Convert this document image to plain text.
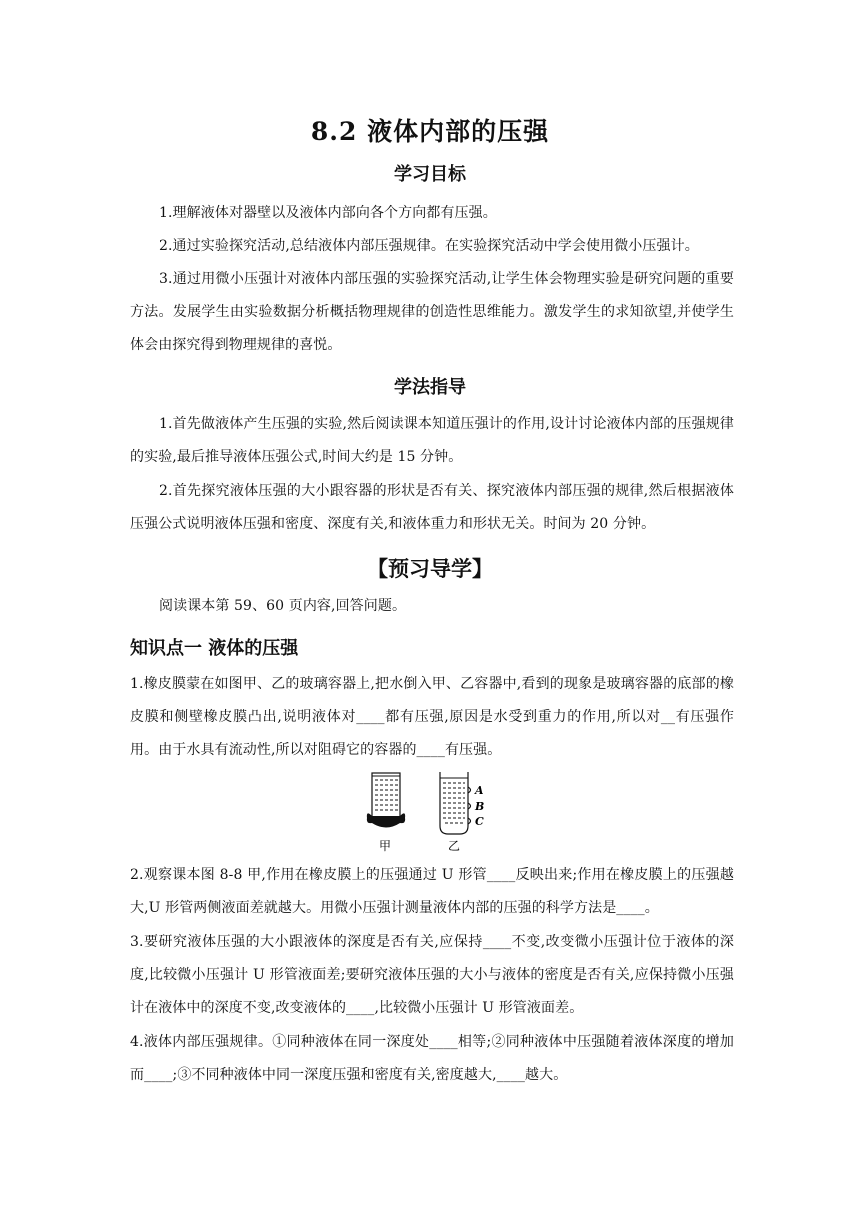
8.2 液体内部的压强
学习目标

1.理解液体对器壁以及液体内部向各个方向都有压强。

2.通过实验探究活动,总结液体内部压强规律。在实验探究活动中学会使用微小压强计。

3.通过用微小压强计对液体内部压强的实验探究活动,让学生体会物理实验是研究问题的重要方法。发展学生由实验数据分析概括物理规律的创造性思维能力。激发学生的求知欲望,并使学生体会由探究得到物理规律的喜悦。

学法指导

1.首先做液体产生压强的实验,然后阅读课本知道压强计的作用,设计讨论液体内部的压强规律的实验,最后推导液体压强公式,时间大约是 15 分钟。

2.首先探究液体压强的大小跟容器的形状是否有关、探究液体内部压强的规律,然后根据液体压强公式说明液体压强和密度、深度有关,和液体重力和形状无关。时间为 20 分钟。

【预习导学】

阅读课本第 59、60 页内容,回答问题。

知识点一 液体的压强

1.橡皮膜蒙在如图甲、乙的玻璃容器上,把水倒入甲、乙容器中,看到的现象是玻璃容器的底部的橡皮膜和侧壁橡皮膜凸出,说明液体对____都有压强,原因是水受到重力的作用,所以对__有压强作用。由于水具有流动性,所以对阻碍它的容器的____有压强。

甲
A
B
C
乙

2.观察课本图 8-8 甲,作用在橡皮膜上的压强通过 U 形管____反映出来;作用在橡皮膜上的压强越大,U 形管两侧液面差就越大。用微小压强计测量液体内部的压强的科学方法是____。

3.要研究液体压强的大小跟液体的深度是否有关,应保持____不变,改变微小压强计位于液体的深度,比较微小压强计 U 形管液面差;要研究液体压强的大小与液体的密度是否有关,应保持微小压强计在液体中的深度不变,改变液体的____,比较微小压强计 U 形管液面差。

4.液体内部压强规律。①同种液体在同一深度处____相等;②同种液体中压强随着液体深度的增加而____;③不同种液体中同一深度压强和密度有关,密度越大,____越大。
